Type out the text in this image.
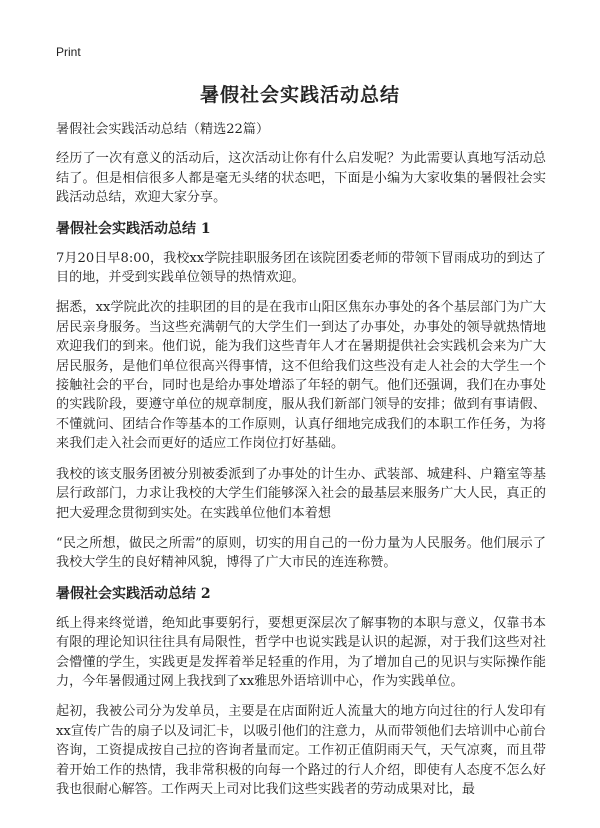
Print
暑假社会实践活动总结

暑假社会实践活动总结（精选22篇）

经历了一次有意义的活动后，这次活动让你有什么启发呢？为此需要认真地写活动总结了。但是相信很多人都是毫无头绪的状态吧，下面是小编为大家收集的暑假社会实践活动总结，欢迎大家分享。

暑假社会实践活动总结 1

7月20日早8:00，我校xx学院挂职服务团在该院团委老师的带领下冒雨成功的到达了目的地，并受到实践单位领导的热情欢迎。

据悉，xx学院此次的挂职团的目的是在我市山阳区焦东办事处的各个基层部门为广大居民亲身服务。当这些充满朝气的大学生们一到达了办事处，办事处的领导就热情地欢迎我们的到来。他们说，能为我们这些青年人才在暑期提供社会实践机会来为广大居民服务，是他们单位很高兴得事情，这不但给我们这些没有走人社会的大学生一个接触社会的平台，同时也是给办事处增添了年轻的朝气。他们还强调，我们在办事处的实践阶段，要遵守单位的规章制度，服从我们新部门领导的安排；做到有事请假、不懂就问、团结合作等基本的工作原则，认真仔细地完成我们的本职工作任务，为将来我们走入社会而更好的适应工作岗位打好基础。

我校的该支服务团被分别被委派到了办事处的计生办、武装部、城建科、户籍室等基层行政部门，力求让我校的大学生们能够深入社会的最基层来服务广大人民，真正的把大爱理念贯彻到实处。在实践单位他们本着想

“民之所想，做民之所需”的原则，切实的用自己的一份力量为人民服务。他们展示了我校大学生的良好精神风貌，博得了广大市民的连连称赞。

暑假社会实践活动总结 2

纸上得来终觉谱，绝知此事要躬行，要想更深层次了解事物的本职与意义，仅靠书本有限的理论知识往往具有局限性，哲学中也说实践是认识的起源，对于我们这些对社会懵懂的学生，实践更是发挥着举足轻重的作用，为了增加自己的见识与实际操作能力，今年暑假通过网上我找到了xx雅思外语培训中心，作为实践单位。

起初，我被公司分为发单员，主要是在店面附近人流量大的地方向过往的行人发印有xx宣传广告的扇子以及词汇卡，以吸引他们的注意力，从而带领他们去培训中心前台咨询，工资提成按自己拉的咨询者量而定。工作初正值阴雨天气，天气凉爽，而且带着开始工作的热情，我非常积极的向每一个路过的行人介绍，即使有人态度不怎么好我也很耐心解答。工作两天上司对比我们这些实践者的劳动成果对比，最
